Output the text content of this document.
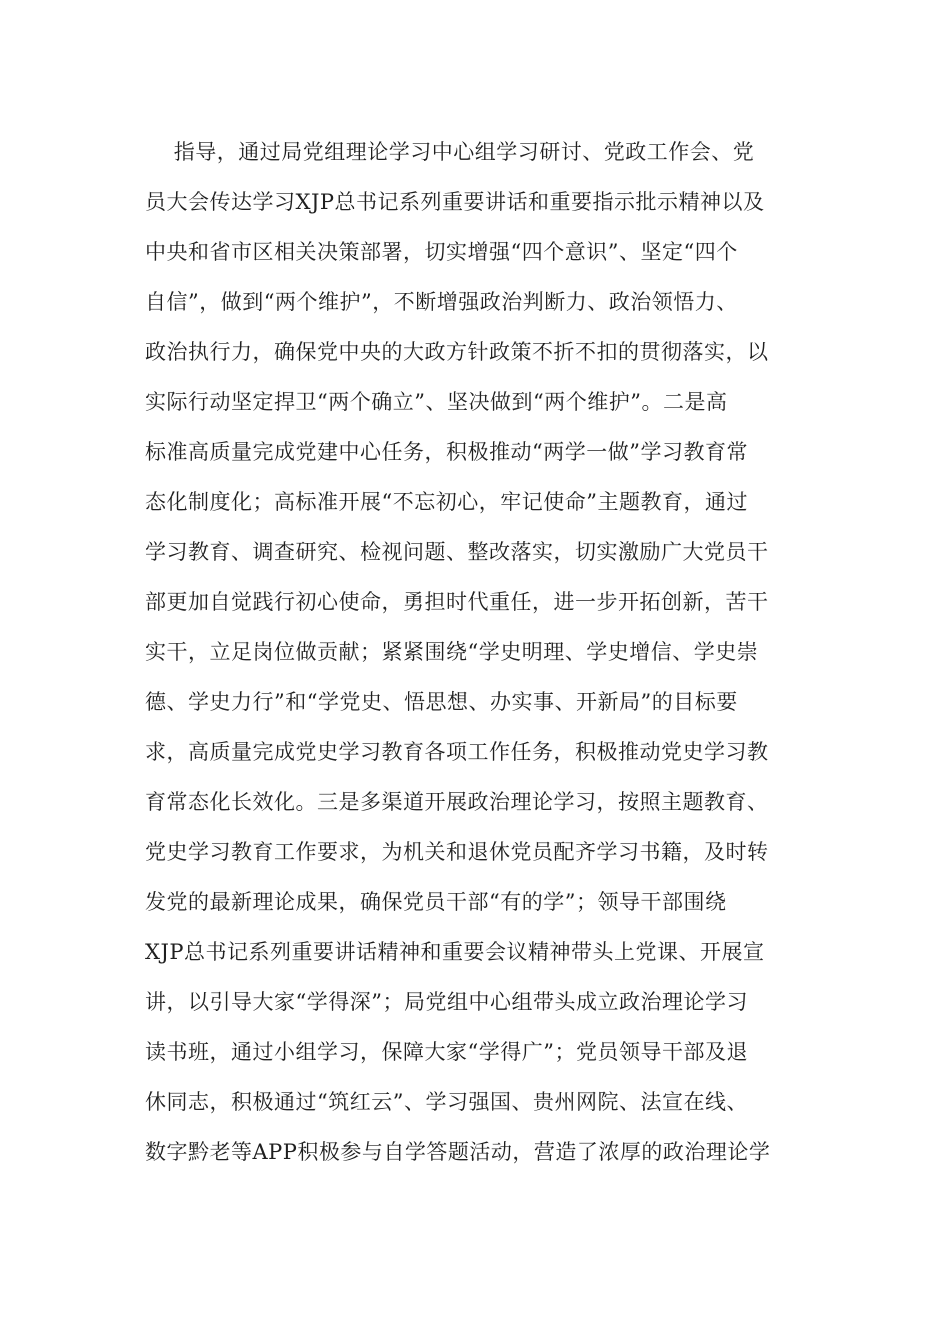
指导，通过局党组理论学习中心组学习研讨、党政工作会、党
员大会传达学习XJP总书记系列重要讲话和重要指示批示精神以及
中央和省市区相关决策部署，切实增强“四个意识”、坚定“四个
自信”，做到“两个维护”，不断增强政治判断力、政治领悟力、
政治执行力，确保党中央的大政方针政策不折不扣的贯彻落实，以
实际行动坚定捍卫“两个确立”、坚决做到“两个维护”。二是高
标准高质量完成党建中心任务，积极推动“两学一做”学习教育常
态化制度化；高标准开展“不忘初心，牢记使命”主题教育，通过
学习教育、调查研究、检视问题、整改落实，切实激励广大党员干
部更加自觉践行初心使命，勇担时代重任，进一步开拓创新，苦干
实干，立足岗位做贡献；紧紧围绕“学史明理、学史增信、学史崇
德、学史力行”和“学党史、悟思想、办实事、开新局”的目标要
求，高质量完成党史学习教育各项工作任务，积极推动党史学习教
育常态化长效化。三是多渠道开展政治理论学习，按照主题教育、
党史学习教育工作要求，为机关和退休党员配齐学习书籍，及时转
发党的最新理论成果，确保党员干部“有的学”；领导干部围绕
XJP总书记系列重要讲话精神和重要会议精神带头上党课、开展宣
讲，以引导大家“学得深”；局党组中心组带头成立政治理论学习
读书班，通过小组学习，保障大家“学得广”；党员领导干部及退
休同志，积极通过“筑红云”、学习强国、贵州网院、法宣在线、
数字黔老等APP积极参与自学答题活动，营造了浓厚的政治理论学
